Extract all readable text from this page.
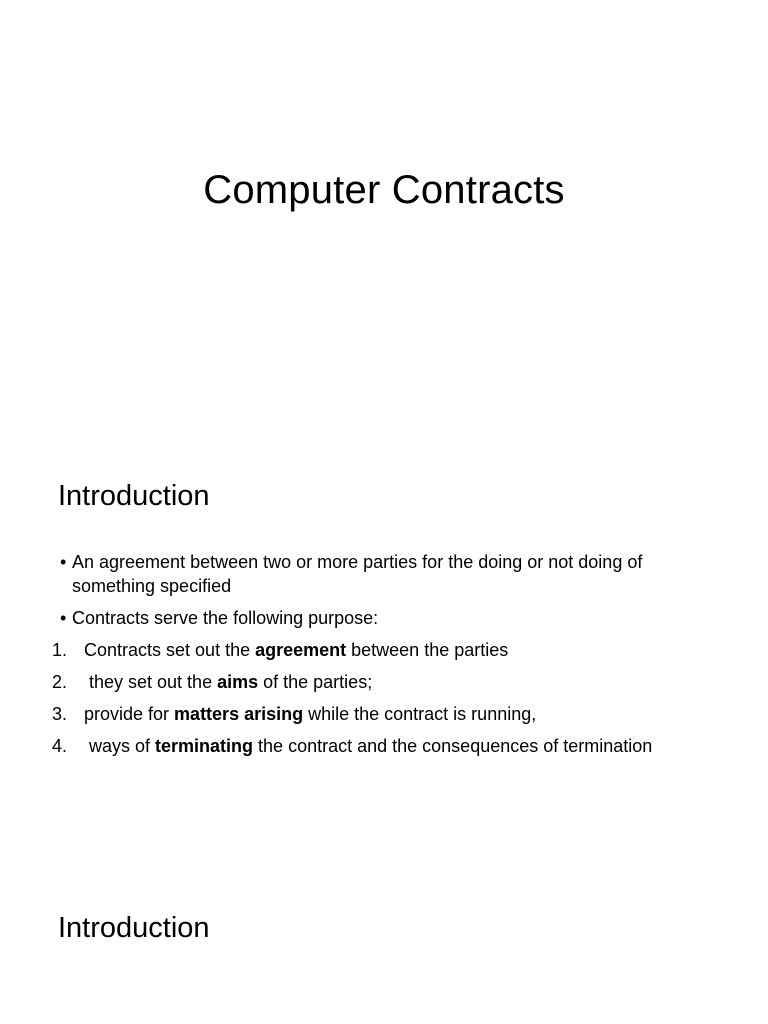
Computer Contracts
Introduction
• An agreement between two or more parties for the doing or not doing of something specified
• Contracts serve the following purpose:
1. Contracts set out the agreement between the parties
2. they set out the aims of the parties;
3. provide for matters arising while the contract is running,
4. ways of terminating the contract and the consequences of termination
Introduction
